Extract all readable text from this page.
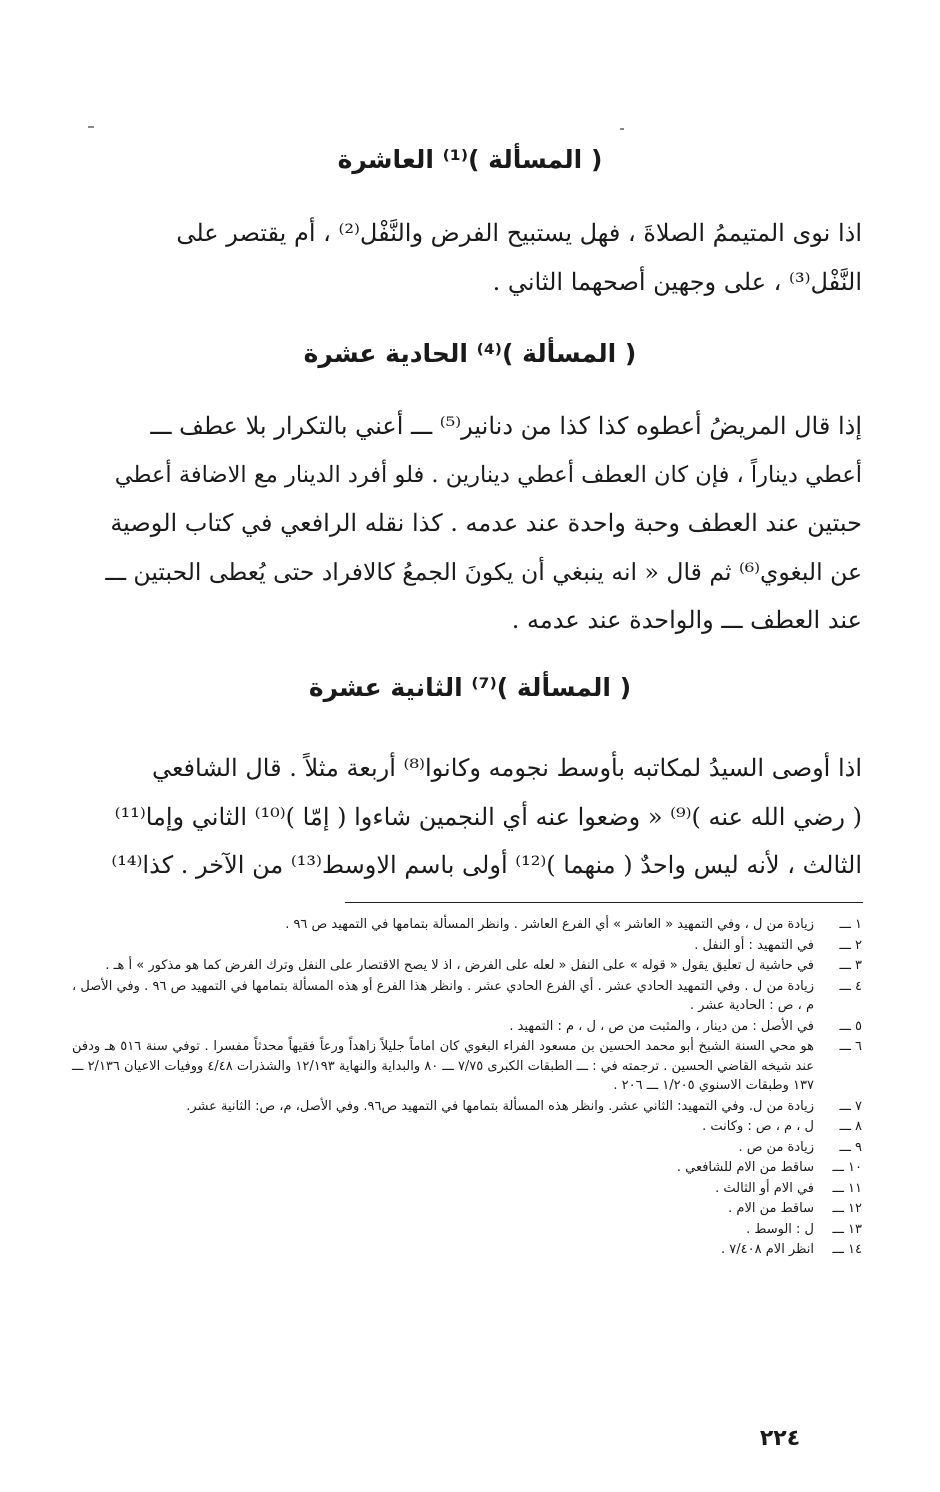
( المسألة )⁽¹⁾ العاشرة
اذا نوى المتيممُ الصلاةَ ، فهل يستبيح الفرض والنَّفْل⁽²⁾ ، أم يقتصر على
النَّفْل⁽³⁾ ، على وجهين أصحهما الثاني .
( المسألة )⁽⁴⁾ الحادية عشرة
إذا قال المريضُ أعطوه كذا كذا من دنانير⁽⁵⁾ ـــ أعني بالتكرار بلا عطف ـــ
أعطي ديناراً ، فإن كان العطف أعطي دينارين . فلو أفرد الدينار مع الاضافة أعطي
حبتين عند العطف وحبة واحدة عند عدمه . كذا نقله الرافعي في كتاب الوصية
عن البغوي⁽⁶⁾ ثم قال « انه ينبغي أن يكونَ الجمعُ كالافراد حتى يُعطى الحبتين ـــ
عند العطف ـــ والواحدة عند عدمه .
( المسألة )⁽⁷⁾ الثانية عشرة
اذا أوصى السيدُ لمكاتبه بأوسط نجومه وكانوا⁽⁸⁾ أربعة مثلاً . قال الشافعي
( رضي الله عنه )⁽⁹⁾ « وضعوا عنه أي النجمين شاءوا ( إمّا )⁽¹⁰⁾ الثاني وإما⁽¹¹⁾
الثالث ، لأنه ليس واحدٌ ( منهما )⁽¹²⁾ أولى باسم الاوسط⁽¹³⁾ من الآخر . كذا⁽¹⁴⁾
١ ـــ
زيادة من ل ، وفي التمهيد « العاشر » أي الفرع العاشر . وانظر المسألة بتمامها في التمهيد ص ٩٦ .
٢ ـــ
في التمهيد : أو النفل .
٣ ـــ
في حاشية ل تعليق يقول « قوله » على النفل « لعله على الفرض ، اذ لا يصح الاقتصار على النفل وترك الفرض كما هو مذكور » أ هـ .
٤ ـــ
زيادة من ل . وفي التمهيد الحادي عشر . أي الفرع الحادي عشر . وانظر هذا الفرع أو هذه المسألة بتمامها في التمهيد ص ٩٦ . وفي الأصل ، م ، ص : الحادية عشر .
٥ ـــ
في الأصل : من دينار ، والمثبت من ص ، ل ، م : التمهيد .
٦ ـــ
هو محي السنة الشيخ أبو محمد الحسين بن مسعود الفراء البغوي كان اماماً جليلاً زاهداً ورعاً فقيهاً محدثاً مفسرا . توفي سنة ٥١٦ هـ ودفن عند شيخه القاضي الحسين . ترجمته في : ـــ الطبقات الكبرى ٧/٧٥ ـــ ٨٠ والبداية والنهاية ١٢/١٩٣ والشذرات ٤/٤٨ ووفيات الاعيان ٢/١٣٦ ـــ ١٣٧ وطبقات الاسنوي ١/٢٠٥ ـــ ٢٠٦ .
٧ ـــ
زيادة من ل. وفي التمهيد: الثاني عشر. وانظر هذه المسألة بتمامها في التمهيد ص٩٦. وفي الأصل، م، ص: الثانية عشر.
٨ ـــ
ل ، م ، ص : وكانت .
٩ ـــ
زيادة من ص .
١٠ ـــ
ساقط من الام للشافعي .
١١ ـــ
في الام أو الثالث .
١٢ ـــ
ساقط من الام .
١٣ ـــ
ل : الوسط .
١٤ ـــ
انظر الام ٧/٤٠٨ .
٢٢٤
